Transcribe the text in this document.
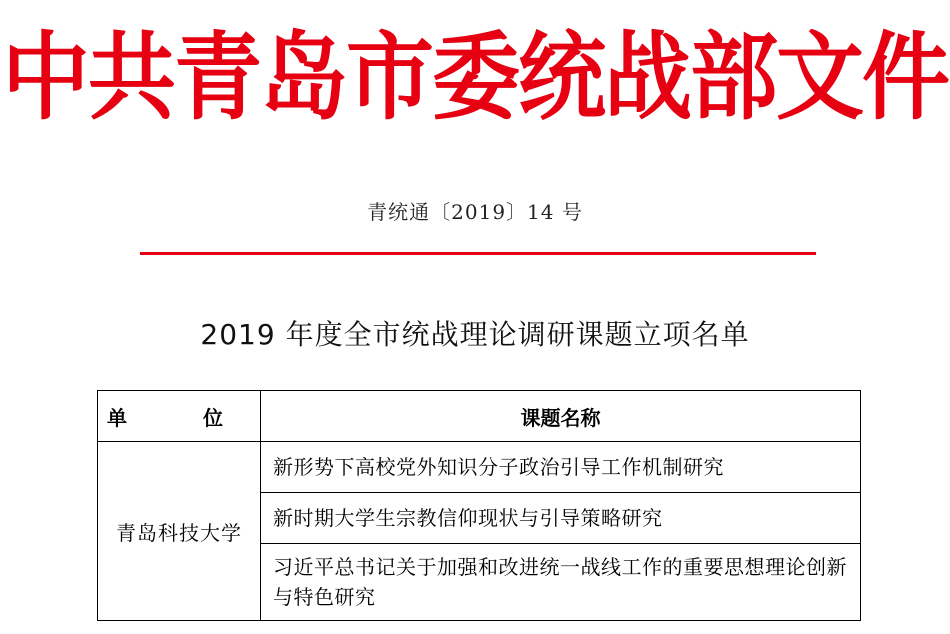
中共青岛市委统战部文件
青统通〔2019〕14 号
2019 年度全市统战理论调研课题立项名单
单　位	课题名称
青岛科技大学	新形势下高校党外知识分子政治引导工作机制研究
	新时期大学生宗教信仰现状与引导策略研究
	习近平总书记关于加强和改进统一战线工作的重要思想理论创新与特色研究
